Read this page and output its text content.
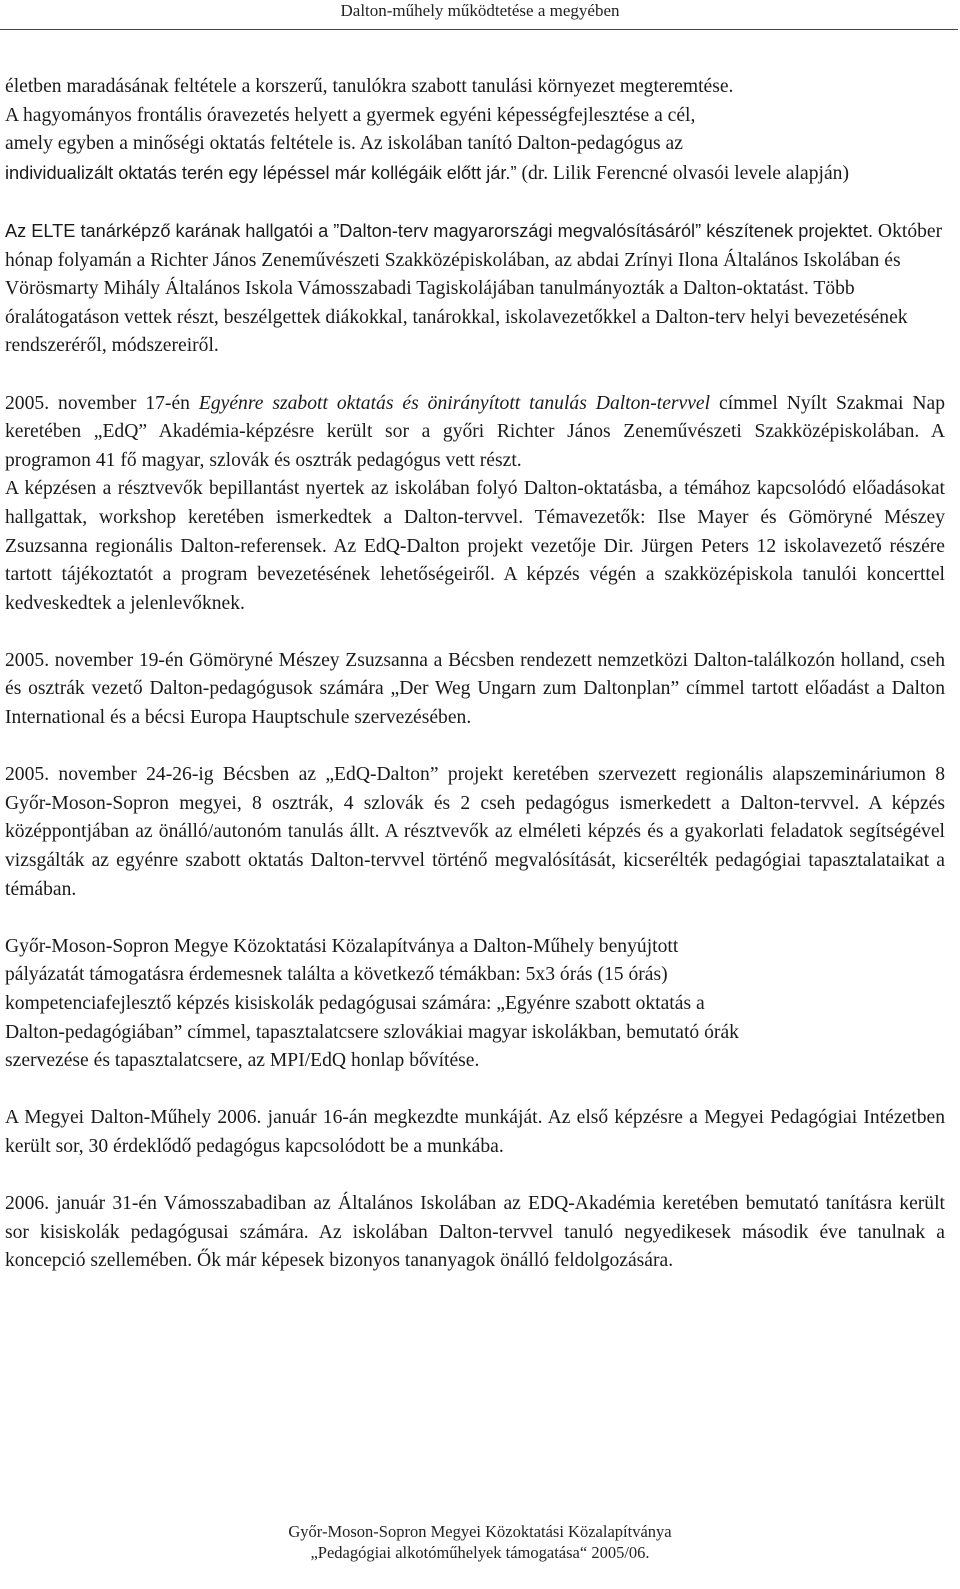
Dalton-műhely működtetése a megyében

életben maradásának feltétele a korszerű, tanulókra szabott tanulási környezet megteremtése.
A hagyományos frontális óravezetés helyett a gyermek egyéni képességfejlesztése a cél,
amely egyben a minőségi oktatás feltétele is. Az iskolában tanító Dalton-pedagógus az
individualizált oktatás terén egy lépéssel már kollégáik előtt jár.” (dr. Lilik Ferencné olvasói levele alapján)

Az ELTE tanárképző karának hallgatói a ”Dalton-terv magyarországi megvalósításáról” készítenek projektet. Október hónap folyamán a Richter János Zeneművészeti Szakközépiskolában, az abdai Zrínyi Ilona Általános Iskolában és Vörösmarty Mihály Általános Iskola Vámosszabadi Tagiskolájában tanulmányozták a Dalton-oktatást. Több óralátogatáson vettek részt, beszélgettek diákokkal, tanárokkal, iskolavezetőkkel a Dalton-terv helyi bevezetésének rendszeréről, módszereiről.

2005. november 17-én Egyénre szabott oktatás és önirányított tanulás Dalton-tervvel címmel Nyílt Szakmai Nap keretében „EdQ” Akadémia-képzésre került sor a győri Richter János Zeneművészeti Szakközépiskolában. A programon 41 fő magyar, szlovák és osztrák pedagógus vett részt.

A képzésen a résztvevők bepillantást nyertek az iskolában folyó Dalton-oktatásba, a témához kapcsolódó előadásokat hallgattak, workshop keretében ismerkedtek a Dalton-tervvel. Témavezetők: Ilse Mayer és Gömöryné Mészey Zsuzsanna regionális Dalton-referensek. Az EdQ-Dalton projekt vezetője Dir. Jürgen Peters 12 iskolavezető részére tartott tájékoztatót a program bevezetésének lehetőségeiről. A képzés végén a szakközépiskola tanulói koncerttel kedveskedtek a jelenlevőknek.

2005. november 19-én Gömöryné Mészey Zsuzsanna a Bécsben rendezett nemzetközi Dalton-találkozón holland, cseh és osztrák vezető Dalton-pedagógusok számára „Der Weg Ungarn zum Daltonplan” címmel tartott előadást a Dalton International és a bécsi Europa Hauptschule szervezésében.

2005. november 24-26-ig Bécsben az „EdQ-Dalton” projekt keretében szervezett regionális alapszemináriumon 8 Győr-Moson-Sopron megyei, 8 osztrák, 4 szlovák és 2 cseh pedagógus ismerkedett a Dalton-tervvel. A képzés középpontjában az önálló/autonóm tanulás állt. A résztvevők az elméleti képzés és a gyakorlati feladatok segítségével vizsgálták az egyénre szabott oktatás Dalton-tervvel történő megvalósítását, kicserélték pedagógiai tapasztalataikat a témában.

Győr-Moson-Sopron Megye Közoktatási Közalapítványa a Dalton-Műhely benyújtott
pályázatát támogatásra érdemesnek találta a következő témákban: 5x3 órás (15 órás)
kompetenciafejlesztő képzés kisiskolák pedagógusai számára: „Egyénre szabott oktatás a
Dalton-pedagógiában” címmel, tapasztalatcsere szlovákiai magyar iskolákban, bemutató órák
szervezése és tapasztalatcsere, az MPI/EdQ honlap bővítése.

A Megyei Dalton-Műhely 2006. január 16-án megkezdte munkáját. Az első képzésre a Megyei Pedagógiai Intézetben került sor, 30 érdeklődő pedagógus kapcsolódott be a munkába.

2006. január 31-én Vámosszabadiban az Általános Iskolában az EDQ-Akadémia keretében bemutató tanításra került sor kisiskolák pedagógusai számára. Az iskolában Dalton-tervvel tanuló negyedikesek második éve tanulnak a koncepció szellemében. Ők már képesek bizonyos tananyagok önálló feldolgozására.

Győr-Moson-Sopron Megyei Közoktatási Közalapítványa
„Pedagógiai alkotóműhelyek támogatása“ 2005/06.
